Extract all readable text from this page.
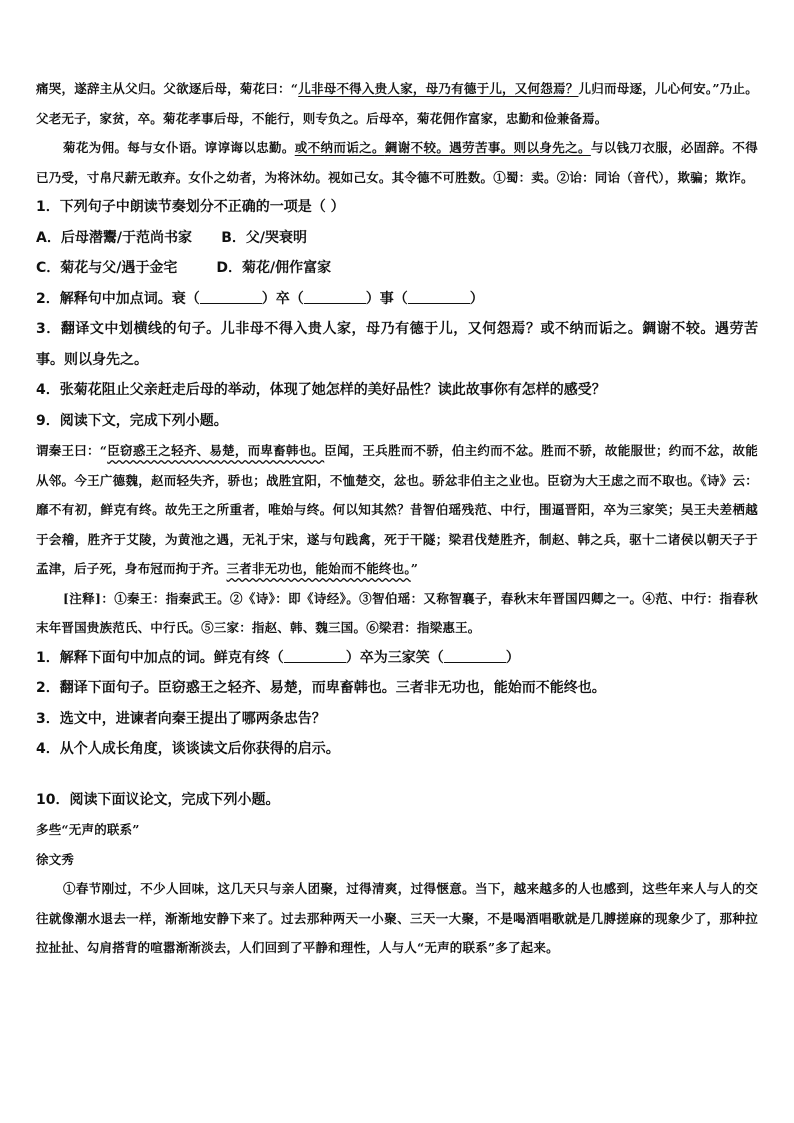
痛哭，遂辞主从父归。父欲逐后母，菊花曰：“儿非母不得入贵人家，母乃有德于儿，又何怨焉？儿归而母逐，儿心何安。”乃止。父老无子，家贫，卒。菊花孝事后母，不能行，则专负之。后母卒，菊花佣作富家，忠勤和俭兼备焉。

菊花为佣。每与女仆语。谆谆诲以忠勤。或不纳而诟之。錭谢不较。遇劳苦事。则以身先之。与以钱刀衣服，必固辞。不得已乃受，寸帛尺薪无敢弃。女仆之幼者，为将沐幼。视如己女。其令德不可胜数。①蜀：卖。②诒：同诒（音代），欺骗；欺诈。

1．下列句子中朗读节奏划分不正确的一项是（ ）

A．后母潜鬻/于范尚书家      B．父/哭衰明

C．菊花与父/遇于金宅        D．菊花/佣作富家

2．解释句中加点词。衰（	）卒（	）事（	）

3．翻译文中划横线的句子。儿非母不得入贵人家，母乃有德于儿，又何怨焉？或不纳而诟之。錭谢不较。遇劳苦事。则以身先之。

4．张菊花阻止父亲赶走后母的举动，体现了她怎样的美好品性？读此故事你有怎样的感受？

9．阅读下文，完成下列小题。

谓秦王曰：“臣窃惑王之轻齐、易楚，而卑畜韩也。臣闻，王兵胜而不骄，伯主约而不忿。胜而不骄，故能服世；约而不忿，故能从邻。今王广德魏，赵而轻失齐，骄也；战胜宜阳，不恤楚交，忿也。骄忿非伯主之业也。臣窃为大王虑之而不取也。《诗》云：靡不有初，鲜克有终。故先王之所重者，唯始与终。何以知其然？昔智伯瑶残范、中行，围逼晋阳，卒为三家笑；吴王夫差栖越于会稽，胜齐于艾陵，为黄池之遇，无礼于宋，遂与句践禽，死于干隧；梁君伐楚胜齐，制赵、韩之兵，驱十二诸侯以朝天子于孟津，后子死，身布冠而拘于齐。三者非无功也，能始而不能终也。”

[注释]：①秦王：指秦武王。②《诗》：即《诗经》。③智伯瑶：又称智襄子，春秋末年晋国四卿之一。④范、中行：指春秋末年晋国贵族范氏、中行氏。⑤三家：指赵、韩、魏三国。⑥梁君：指梁惠王。

1．解释下面句中加点的词。鲜克有终（	）卒为三家笑（	）

2．翻译下面句子。臣窃惑王之轻齐、易楚，而卑畜韩也。三者非无功也，能始而不能终也。

3．选文中，进谏者向秦王提出了哪两条忠告？

4．从个人成长角度，谈谈读文后你获得的启示。

10．阅读下面议论文，完成下列小题。

多些“无声的联系”

徐文秀

①春节刚过，不少人回味，这几天只与亲人团聚，过得清爽，过得惬意。当下，越来越多的人也感到，这些年来人与人的交往就像潮水退去一样，渐渐地安静下来了。过去那种两天一小聚、三天一大聚，不是喝酒唱歌就是几膊搓麻的现象少了，那种拉拉扯扯、勾肩搭背的喧嚣渐渐淡去，人们回到了平静和理性，人与人“无声的联系”多了起来。
